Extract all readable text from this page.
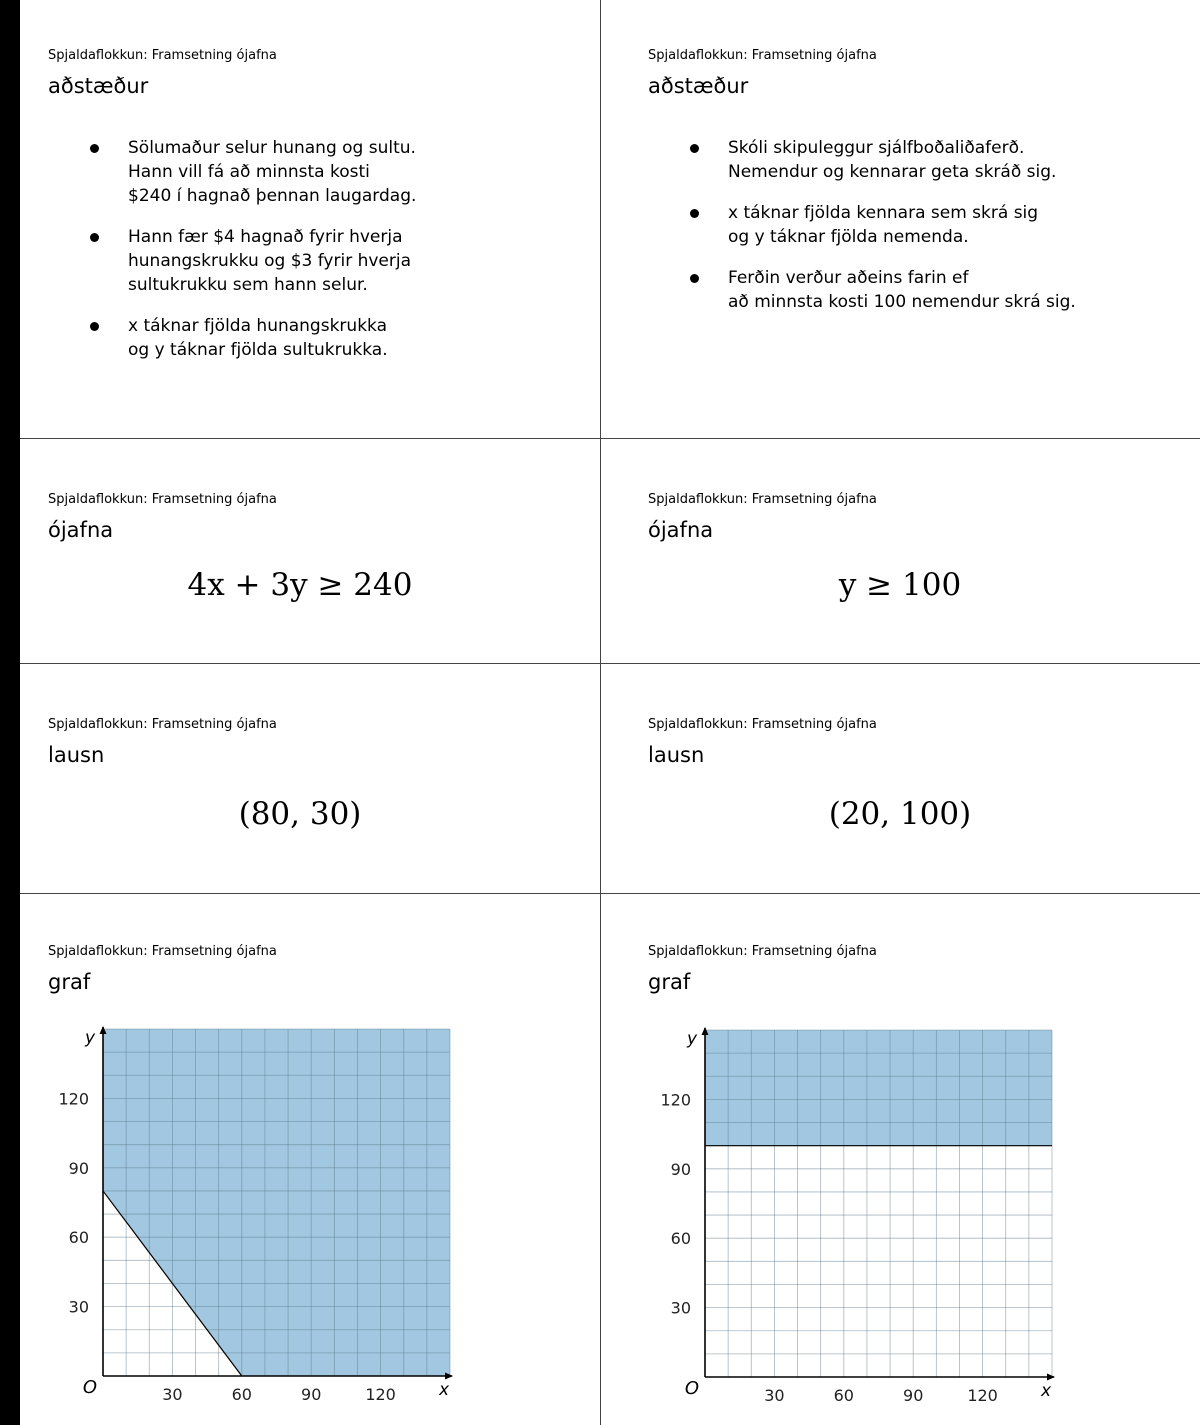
Spjaldaflokkun: Framsetning ójafna
aðstæður
Sölumaður selur hunang og sultu.
Hann vill fá að minnsta kosti
$240 í hagnað þennan laugardag.
Hann fær $4 hagnað fyrir hverja
hunangskrukku og $3 fyrir hverja
sultukrukku sem hann selur.
x táknar fjölda hunangskrukka
og y táknar fjölda sultukrukka.
Spjaldaflokkun: Framsetning ójafna
aðstæður
Skóli skipuleggur sjálfboðaliðaferð.
Nemendur og kennarar geta skráð sig.
x táknar fjölda kennara sem skrá sig
og y táknar fjölda nemenda.
Ferðin verður aðeins farin ef
að minnsta kosti 100 nemendur skrá sig.
Spjaldaflokkun: Framsetning ójafna
ójafna
4x + 3y ≥ 240
Spjaldaflokkun: Framsetning ójafna
ójafna
y ≥ 100
Spjaldaflokkun: Framsetning ójafna
lausn
(80, 30)
Spjaldaflokkun: Framsetning ójafna
lausn
(20, 100)
Spjaldaflokkun: Framsetning ójafna
graf
Spjaldaflokkun: Framsetning ójafna
graf
30	60	90	120
30
60
90
120
x
y
O	30	60	90	120
30
60
90
120
x
y
O
